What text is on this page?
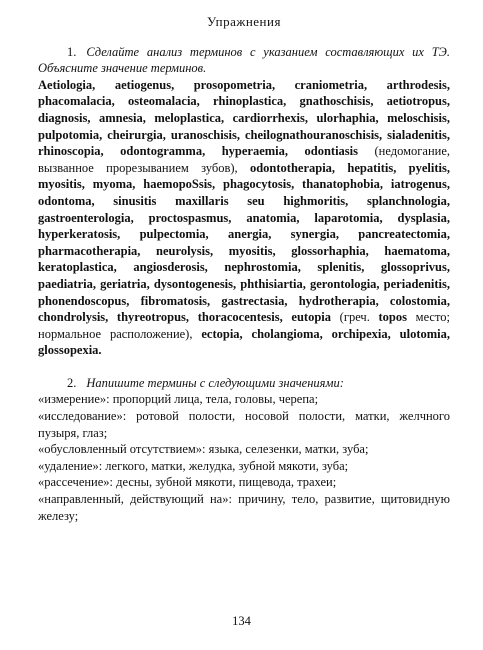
Упражнения

1. Сделайте анализ терминов с указанием составляющих их ТЭ. Объясните значение терминов.

Aetiologia, aetiogenus, prosopometria, craniometria, arthrodesis, phacomalacia, osteomalacia, rhinoplastica, gnathoschisis, aetiotropus, diagnosis, amnesia, meloplastica, cardiorrhexis, ulorhaphia, meloschisis, pulpotomia, cheirurgia, uranoschisis, cheilognathouranoschisis, sialadenitis, rhinoscopia, odontogramma, hyperaemia, odontiasis (недомогание, вызванное прорезыванием зубов), odontotherapia, hepatitis, pyelitis, myositis, myoma, haemopoSsis, phagocytosis, thanatophobia, iatrogenus, odontoma, sinusitis maxillaris seu highmoritis, splanchnologia, gastroenterologia, proctospasmus, anatomia, laparotomia, dysplasia, hyperkeratosis, pulpectomia, anergia, synergia, pancreatectomia, pharmacotherapia, neurolysis, myositis, glossorhaphia, haematoma, keratoplastica, angiosderosis, nephrostomia, splenitis, glossoprivus, paediatria, geriatria, dysontogenesis, phthisiartia, gerontologia, periadenitis, phonendoscopus, fibromatosis, gastrectasia, hydrotherapia, colostomia, chondrolysis, thyreotropus, thoracocentesis, eutopia (греч. topos место; нормальное расположение), ectopia, cholangioma, orchipexia, ulotomia, glossopexia.

2. Напишите термины с следующими значениями:

«измерение»: пропорций лица, тела, головы, черепа;
«исследование»: ротовой полости, носовой полости, матки, желчного пузыря, глаз;
«обусловленный отсутствием»: языка, селезенки, матки, зуба;
«удаление»: легкого, матки, желудка, зубной мякоти, зуба;
«рассечение»: десны, зубной мякоти, пищевода, трахеи;
«направленный, действующий на»: причину, тело, развитие, щитовидную железу;
134
